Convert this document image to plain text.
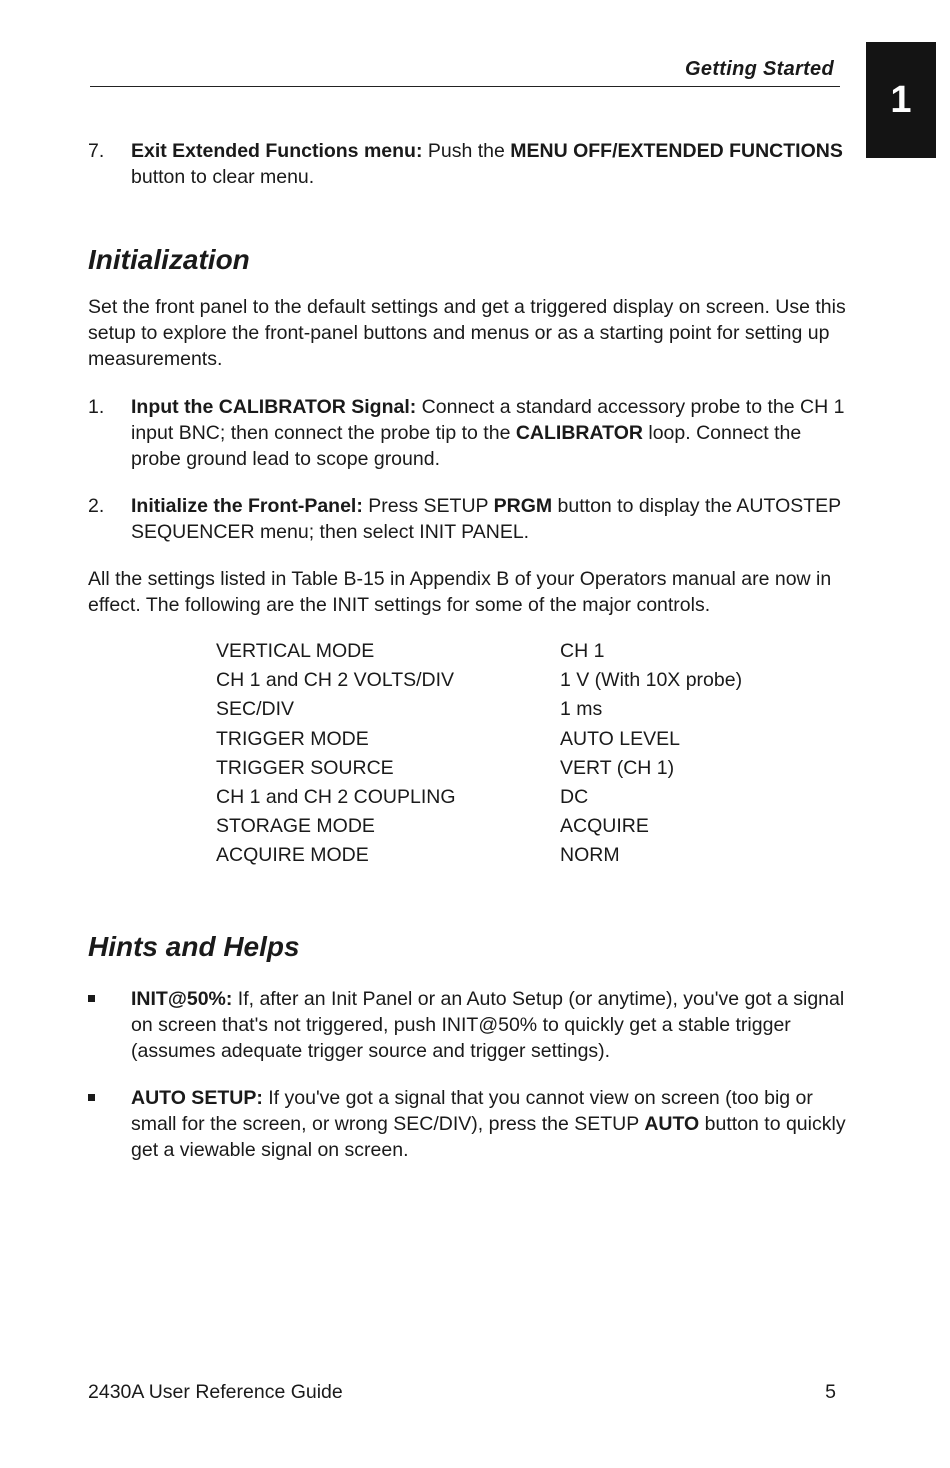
Getting Started
1
7. Exit Extended Functions menu: Push the MENU OFF/EXTENDED FUNCTIONS button to clear menu.
Initialization
Set the front panel to the default settings and get a triggered display on screen. Use this setup to explore the front-panel buttons and menus or as a starting point for setting up measurements.
1. Input the CALIBRATOR Signal: Connect a standard accessory probe to the CH 1 input BNC; then connect the probe tip to the CALIBRATOR loop. Connect the probe ground lead to scope ground.
2. Initialize the Front-Panel: Press SETUP PRGM button to display the AUTOSTEP SEQUENCER menu; then select INIT PANEL.
All the settings listed in Table B-15 in Appendix B of your Operators manual are now in effect. The following are the INIT settings for some of the major controls.
VERTICAL MODE	CH 1
CH 1 and CH 2 VOLTS/DIV	1 V (With 10X probe)
SEC/DIV	1 ms
TRIGGER MODE	AUTO LEVEL
TRIGGER SOURCE	VERT (CH 1)
CH 1 and CH 2 COUPLING	DC
STORAGE MODE	ACQUIRE
ACQUIRE MODE	NORM
Hints and Helps
INIT@50%: If, after an Init Panel or an Auto Setup (or anytime), you've got a signal on screen that's not triggered, push INIT@50% to quickly get a stable trigger (assumes adequate trigger source and trigger settings).
AUTO SETUP: If you've got a signal that you cannot view on screen (too big or small for the screen, or wrong SEC/DIV), press the SETUP AUTO button to quickly get a viewable signal on screen.
2430A User Reference Guide	5
